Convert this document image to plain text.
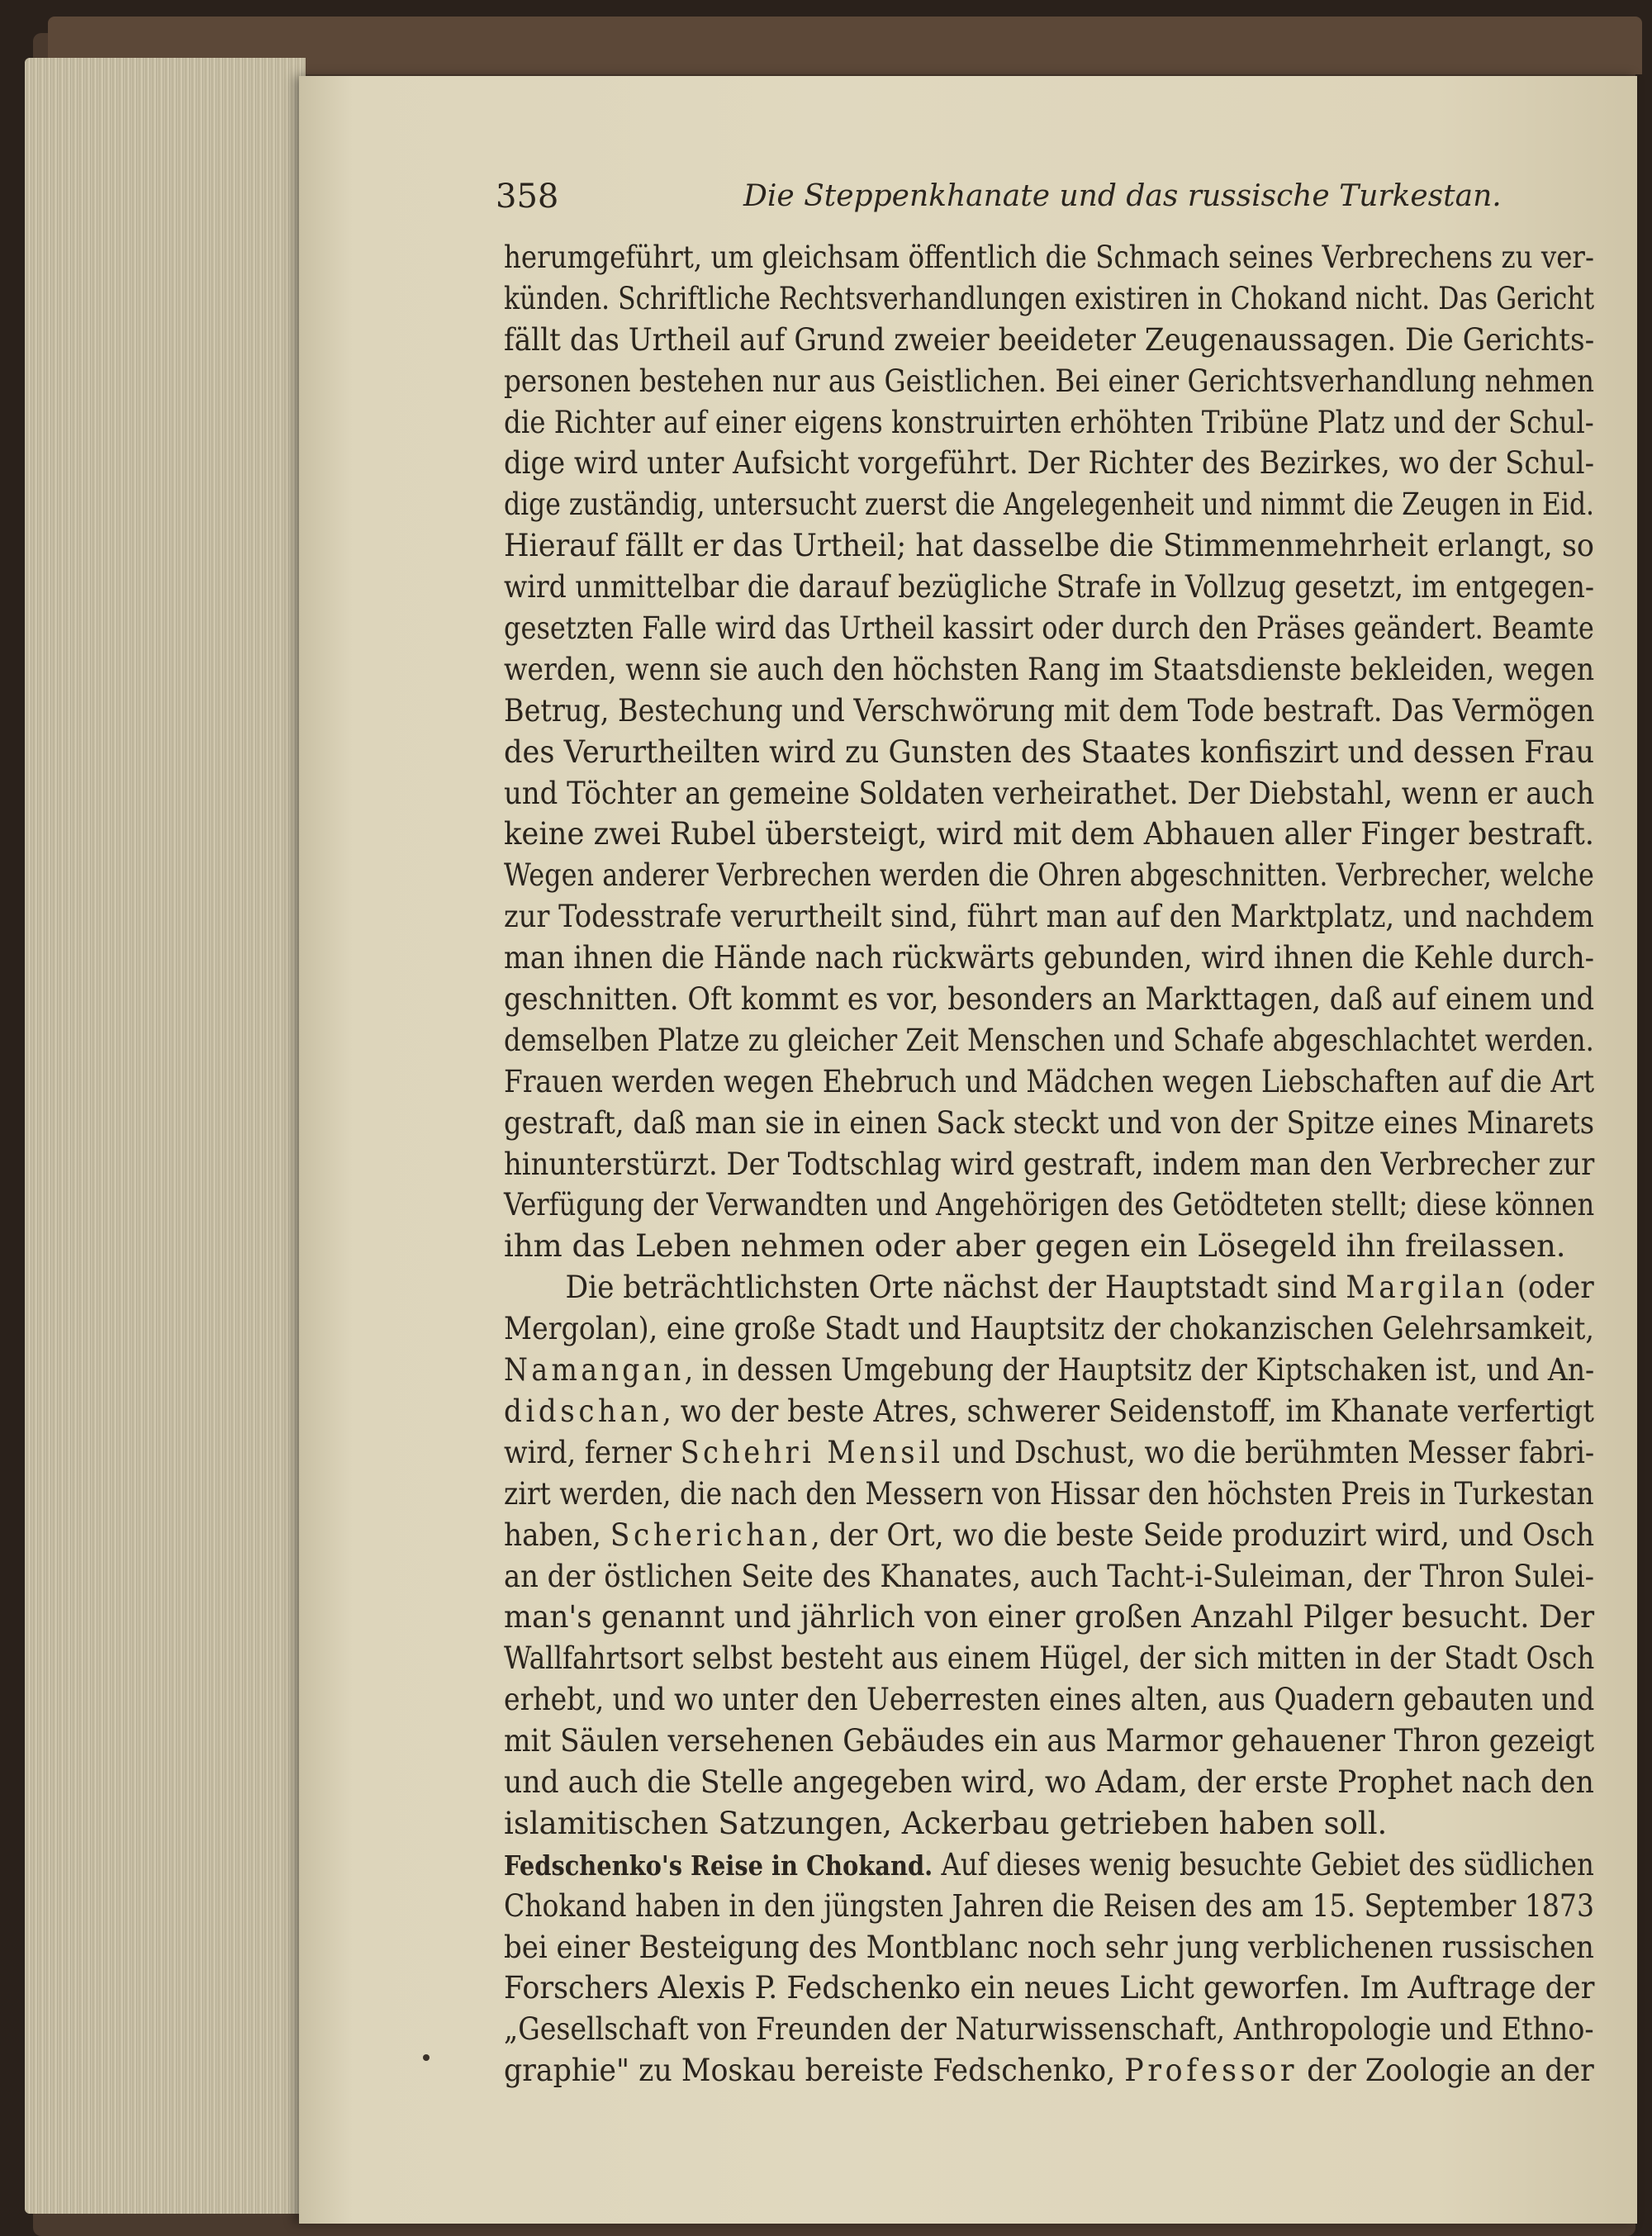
358	Die Steppenkhanate und das russische Turkestan.
herumgeführt, um gleichsam öffentlich die Schmach seines Verbrechens zu ver-
künden. Schriftliche Rechtsverhandlungen existiren in Chokand nicht. Das Gericht
fällt das Urtheil auf Grund zweier beeideter Zeugenaussagen. Die Gerichts-
personen bestehen nur aus Geistlichen. Bei einer Gerichtsverhandlung nehmen
die Richter auf einer eigens konstruirten erhöhten Tribüne Platz und der Schul-
dige wird unter Aufsicht vorgeführt. Der Richter des Bezirkes, wo der Schul-
dige zuständig, untersucht zuerst die Angelegenheit und nimmt die Zeugen in Eid.
Hierauf fällt er das Urtheil; hat dasselbe die Stimmenmehrheit erlangt, so
wird unmittelbar die darauf bezügliche Strafe in Vollzug gesetzt, im entgegen-
gesetzten Falle wird das Urtheil kassirt oder durch den Präses geändert. Beamte
werden, wenn sie auch den höchsten Rang im Staatsdienste bekleiden, wegen
Betrug, Bestechung und Verschwörung mit dem Tode bestraft. Das Vermögen
des Verurtheilten wird zu Gunsten des Staates konfiszirt und dessen Frau
und Töchter an gemeine Soldaten verheirathet. Der Diebstahl, wenn er auch
keine zwei Rubel übersteigt, wird mit dem Abhauen aller Finger bestraft.
Wegen anderer Verbrechen werden die Ohren abgeschnitten. Verbrecher, welche
zur Todesstrafe verurtheilt sind, führt man auf den Marktplatz, und nachdem
man ihnen die Hände nach rückwärts gebunden, wird ihnen die Kehle durch-
geschnitten. Oft kommt es vor, besonders an Markttagen, daß auf einem und
demselben Platze zu gleicher Zeit Menschen und Schafe abgeschlachtet werden.
Frauen werden wegen Ehebruch und Mädchen wegen Liebschaften auf die Art
gestraft, daß man sie in einen Sack steckt und von der Spitze eines Minarets
hinunterstürzt. Der Todtschlag wird gestraft, indem man den Verbrecher zur
Verfügung der Verwandten und Angehörigen des Getödteten stellt; diese können
ihm das Leben nehmen oder aber gegen ein Lösegeld ihn freilassen.
Die beträchtlichsten Orte nächst der Hauptstadt sind Margilan (oder
Mergolan), eine große Stadt und Hauptsitz der chokanzischen Gelehrsamkeit,
Namangan, in dessen Umgebung der Hauptsitz der Kiptschaken ist, und An-
didschan, wo der beste Atres, schwerer Seidenstoff, im Khanate verfertigt
wird, ferner Schehri Mensil und Dschust, wo die berühmten Messer fabri-
zirt werden, die nach den Messern von Hissar den höchsten Preis in Turkestan
haben, Scherichan, der Ort, wo die beste Seide produzirt wird, und Osch
an der östlichen Seite des Khanates, auch Tacht-i-Suleiman, der Thron Sulei-
man's genannt und jährlich von einer großen Anzahl Pilger besucht. Der
Wallfahrtsort selbst besteht aus einem Hügel, der sich mitten in der Stadt Osch
erhebt, und wo unter den Ueberresten eines alten, aus Quadern gebauten und
mit Säulen versehenen Gebäudes ein aus Marmor gehauener Thron gezeigt
und auch die Stelle angegeben wird, wo Adam, der erste Prophet nach den
islamitischen Satzungen, Ackerbau getrieben haben soll.
Fedschenko's Reise in Chokand. Auf dieses wenig besuchte Gebiet des südlichen
Chokand haben in den jüngsten Jahren die Reisen des am 15. September 1873
bei einer Besteigung des Montblanc noch sehr jung verblichenen russischen
Forschers Alexis P. Fedschenko ein neues Licht geworfen. Im Auftrage der
„Gesellschaft von Freunden der Naturwissenschaft, Anthropologie und Ethno-
graphie" zu Moskau bereiste Fedschenko, Professor der Zoologie an der
